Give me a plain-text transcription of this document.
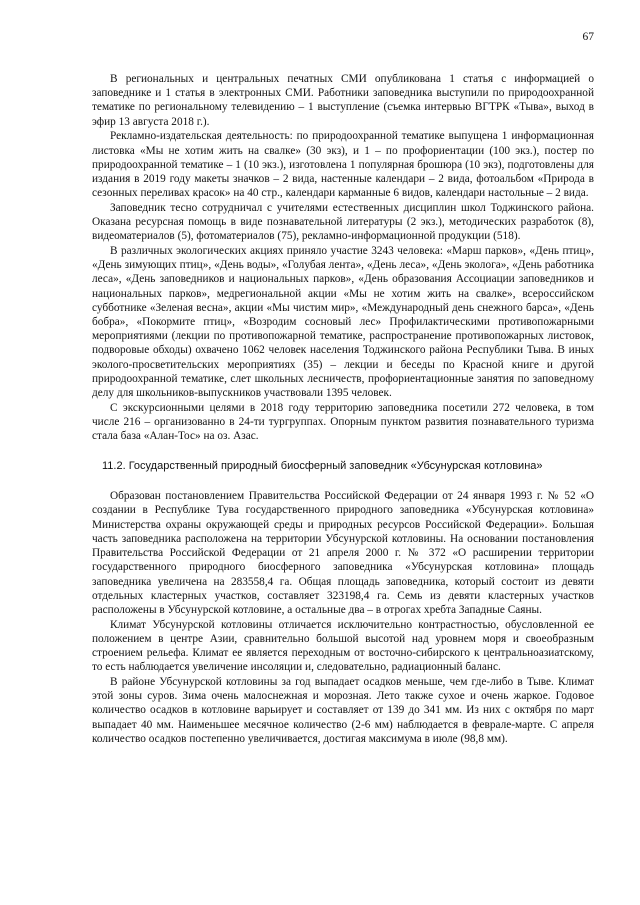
67

В региональных и центральных печатных СМИ опубликована 1 статья с информацией о заповеднике и 1 статья в электронных СМИ. Работники заповедника выступили по природоохранной тематике по региональному телевидению – 1 выступление (съемка интервью ВГТРК «Тыва», выход в эфир 13 августа 2018 г.).

Рекламно-издательская деятельность: по природоохранной тематике выпущена 1 информационная листовка «Мы не хотим жить на свалке» (30 экз), и 1 – по профориентации (100 экз.), постер по природоохранной тематике – 1 (10 экз.), изготовлена 1 популярная брошюра (10 экз), подготовлены для издания в 2019 году макеты значков – 2 вида, настенные календари – 2 вида, фотоальбом «Природа в сезонных переливах красок» на 40 стр., календари карманные 6 видов, календари настольные – 2 вида.

Заповедник тесно сотрудничал с учителями естественных дисциплин школ Тоджинского района. Оказана ресурсная помощь в виде познавательной литературы (2 экз.), методических разработок (8), видеоматериалов (5), фотоматериалов (75), рекламно-информационной продукции (518).

В различных экологических акциях приняло участие 3243 человека: «Марш парков», «День птиц», «День зимующих птиц», «День воды», «Голубая лента», «День леса», «День эколога», «День работника леса», «День заповедников и национальных парков», «День образования Ассоциации заповедников и национальных парков», медрегиональной акции «Мы не хотим жить на свалке», всероссийском субботнике «Зеленая весна», акции «Мы чистим мир», «Международный день снежного барса», «День бобра», «Покормите птиц», «Возродим сосновый лес» Профилактическими противопожарными мероприятиями (лекции по противопожарной тематике, распространение противопожарных листовок, подворовые обходы) охвачено 1062 человек населения Тоджинского района Республики Тыва. В иных эколого-просветительских мероприятиях (35) – лекции и беседы по Красной книге и другой природоохранной тематике, слет школьных лесничеств, профориентационные занятия по заповедному делу для школьников-выпускников участвовали 1395 человек.

С экскурсионными целями в 2018 году территорию заповедника посетили 272 человека, в том числе 216 – организованно в 24-ти тургруппах. Опорным пунктом развития познавательного туризма стала база «Алан-Тос» на оз. Азас.

11.2. Государственный природный биосферный заповедник «Убсунурская котловина»

Образован постановлением Правительства Российской Федерации от 24 января 1993 г. № 52 «О создании в Республике Тува государственного природного заповедника «Убсунурская котловина» Министерства охраны окружающей среды и природных ресурсов Российской Федерации». Большая часть заповедника расположена на территории Убсунурской котловины. На основании постановления Правительства Российской Федерации от 21 апреля 2000 г. № 372 «О расширении территории государственного природного биосферного заповедника «Убсунурская котловина» площадь заповедника увеличена на 283558,4 га. Общая площадь заповедника, который состоит из девяти отдельных кластерных участков, составляет 323198,4 га. Семь из девяти кластерных участков расположены в Убсунурской котловине, а остальные два – в отрогах хребта Западные Саяны.

Климат Убсунурской котловины отличается исключительно контрастностью, обусловленной ее положением в центре Азии, сравнительно большой высотой над уровнем моря и своеобразным строением рельефа. Климат ее является переходным от восточно-сибирского к центральноазиатскому, то есть наблюдается увеличение инсоляции и, следовательно, радиационный баланс.

В районе Убсунурской котловины за год выпадает осадков меньше, чем где-либо в Тыве. Климат этой зоны суров. Зима очень малоснежная и морозная. Лето также сухое и очень жаркое. Годовое количество осадков в котловине варьирует и составляет от 139 до 341 мм. Из них с октября по март выпадает 40 мм. Наименьшее месячное количество (2-6 мм) наблюдается в феврале-марте. С апреля количество осадков постепенно увеличивается, достигая максимума в июле (98,8 мм).
